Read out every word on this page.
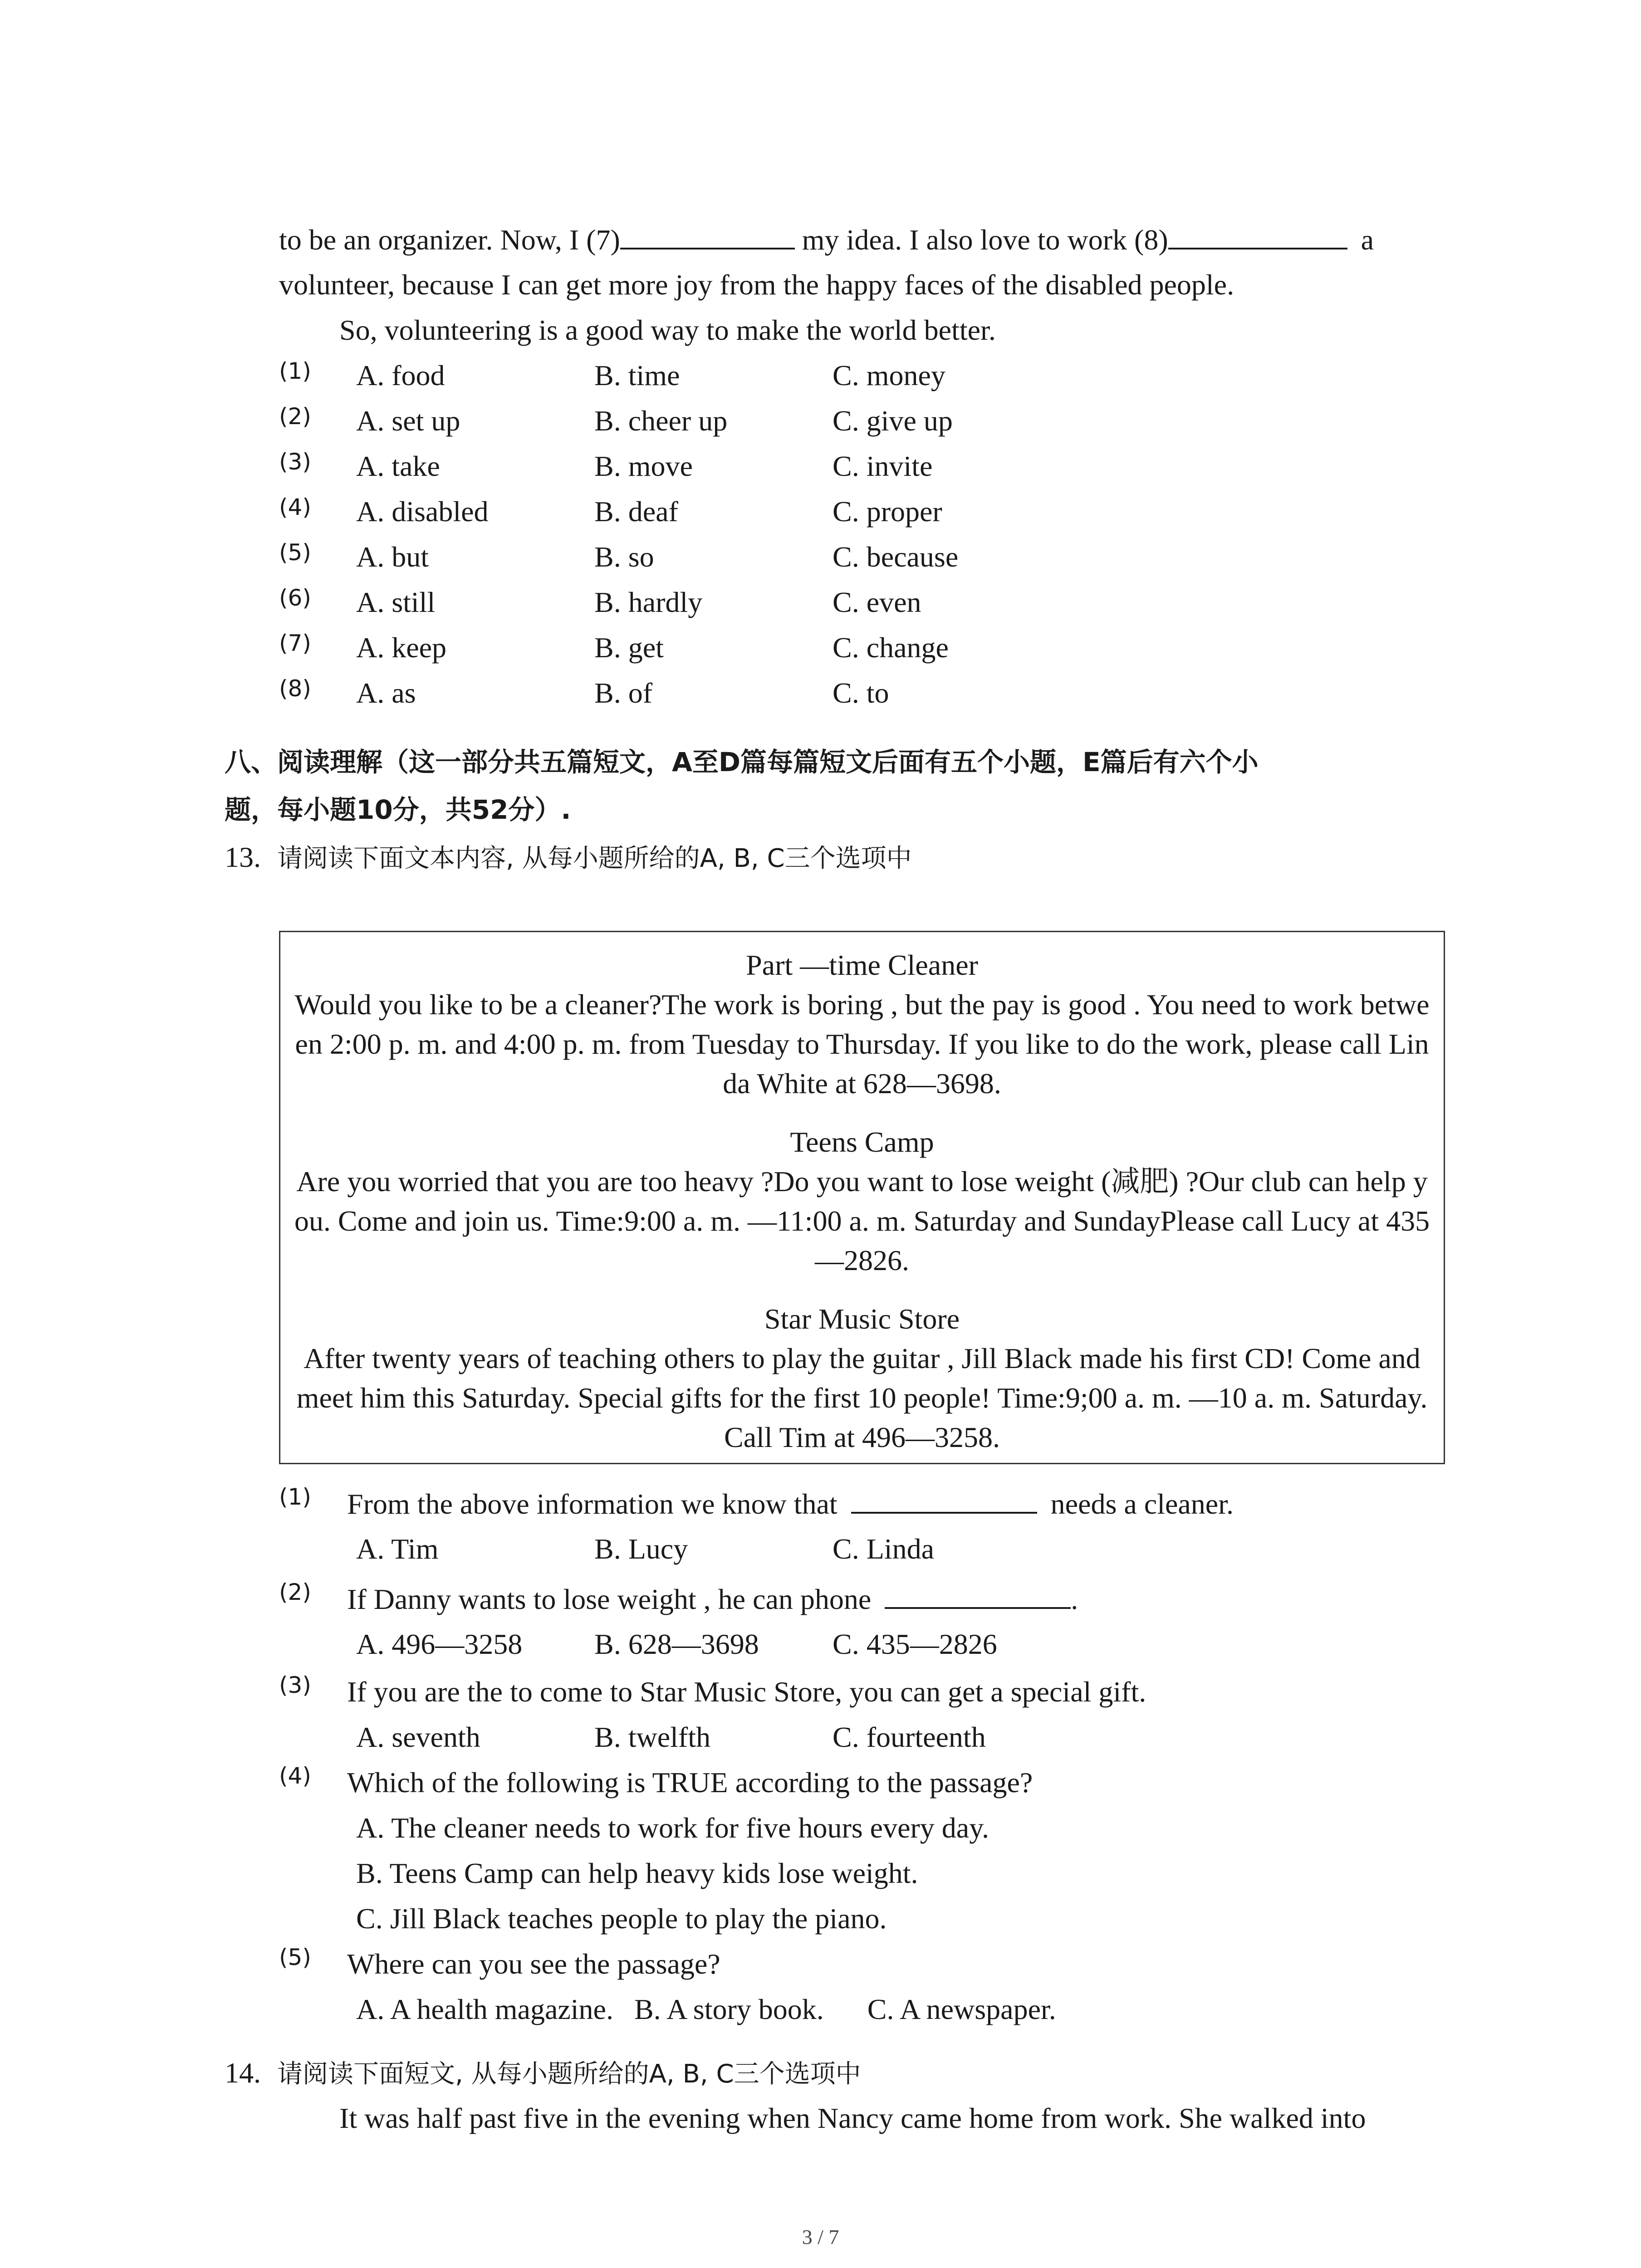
to be an organizer. Now, I (7)	my idea. I also love to work (8)	a
volunteer, because I can get more joy from the happy faces of the disabled people.
So, volunteering is a good way to make the world better.
(1) A. food	B. time	C. money
(2) A. set up	B. cheer up	C. give up
(3) A. take	B. move	C. invite
(4) A. disabled	B. deaf	C. proper
(5) A. but	B. so	C. because
(6) A. still	B. hardly	C. even
(7) A. keep	B. get	C. change
(8) A. as	B. of	C. to
八、阅读理解（这一部分共五篇短文，A至D篇每篇短文后面有五个小题，E篇后有六个小
题，每小题10分，共52分）.
13. 请阅读下面文本内容, 从每小题所给的A, B, C三个选项中
Part —time Cleaner
Would you like to be a cleaner?The work is boring , but the pay is good . You need to work between 2:00 p. m. and 4:00 p. m. from Tuesday to Thursday. If you like to do the work, please call Linda White at 628—3698.

Teens Camp
Are you worried that you are too heavy ?Do you want to lose weight (减肥) ?Our club can help you. Come and join us. Time:9:00 a. m. —11:00 a. m. Saturday and SundayPlease call Lucy at 435—2826.

Star Music Store
After twenty years of teaching others to play the guitar , Jill Black made his first CD! Come and meet him this Saturday. Special gifts for the first 10 people! Time:9;00 a. m. —10 a. m. Saturday. Call Tim at 496—3258.
(1) From the above information we know that	needs a cleaner.
A. Tim	B. Lucy	C. Linda
(2) If Danny wants to lose weight , he can phone	.
A. 496—3258 B. 628—3698	C. 435—2826
(3) If you are the to come to Star Music Store, you can get a special gift.
A. seventh	B. twelfth	C. fourteenth
(4) Which of the following is TRUE according to the passage?
A. The cleaner needs to work for five hours every day.
B. Teens Camp can help heavy kids lose weight.
C. Jill Black teaches people to play the piano.
(5) Where can you see the passage?
A. A health magazine. B. A story book. C. A newspaper.
14. 请阅读下面短文, 从每小题所给的A, B, C三个选项中
It was half past five in the evening when Nancy came home from work. She walked into
3 / 7
